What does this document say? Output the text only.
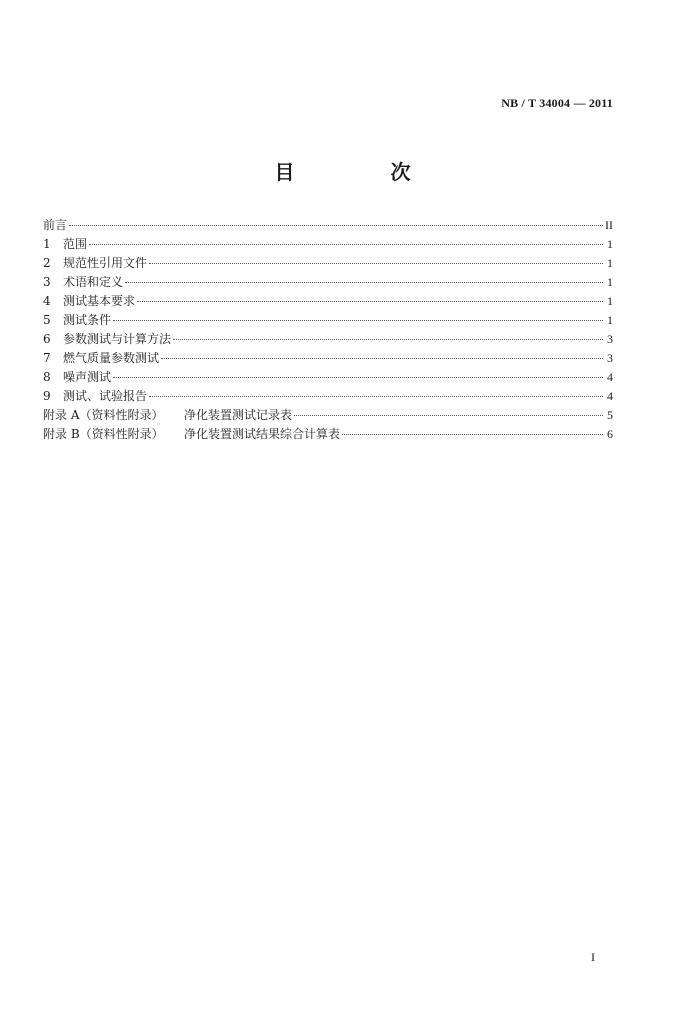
NB / T 34004 — 2011
目　次
前言	II
1	范围	1
2	规范性引用文件	1
3	术语和定义	1
4	测试基本要求	1
5	测试条件	1
6	参数测试与计算方法	3
7	燃气质量参数测试	3
8	噪声测试	4
9	测试、试验报告	4
附录 A（资料性附录）	净化装置测试记录表	5
附录 B（资料性附录）	净化装置测试结果综合计算表	6
I
